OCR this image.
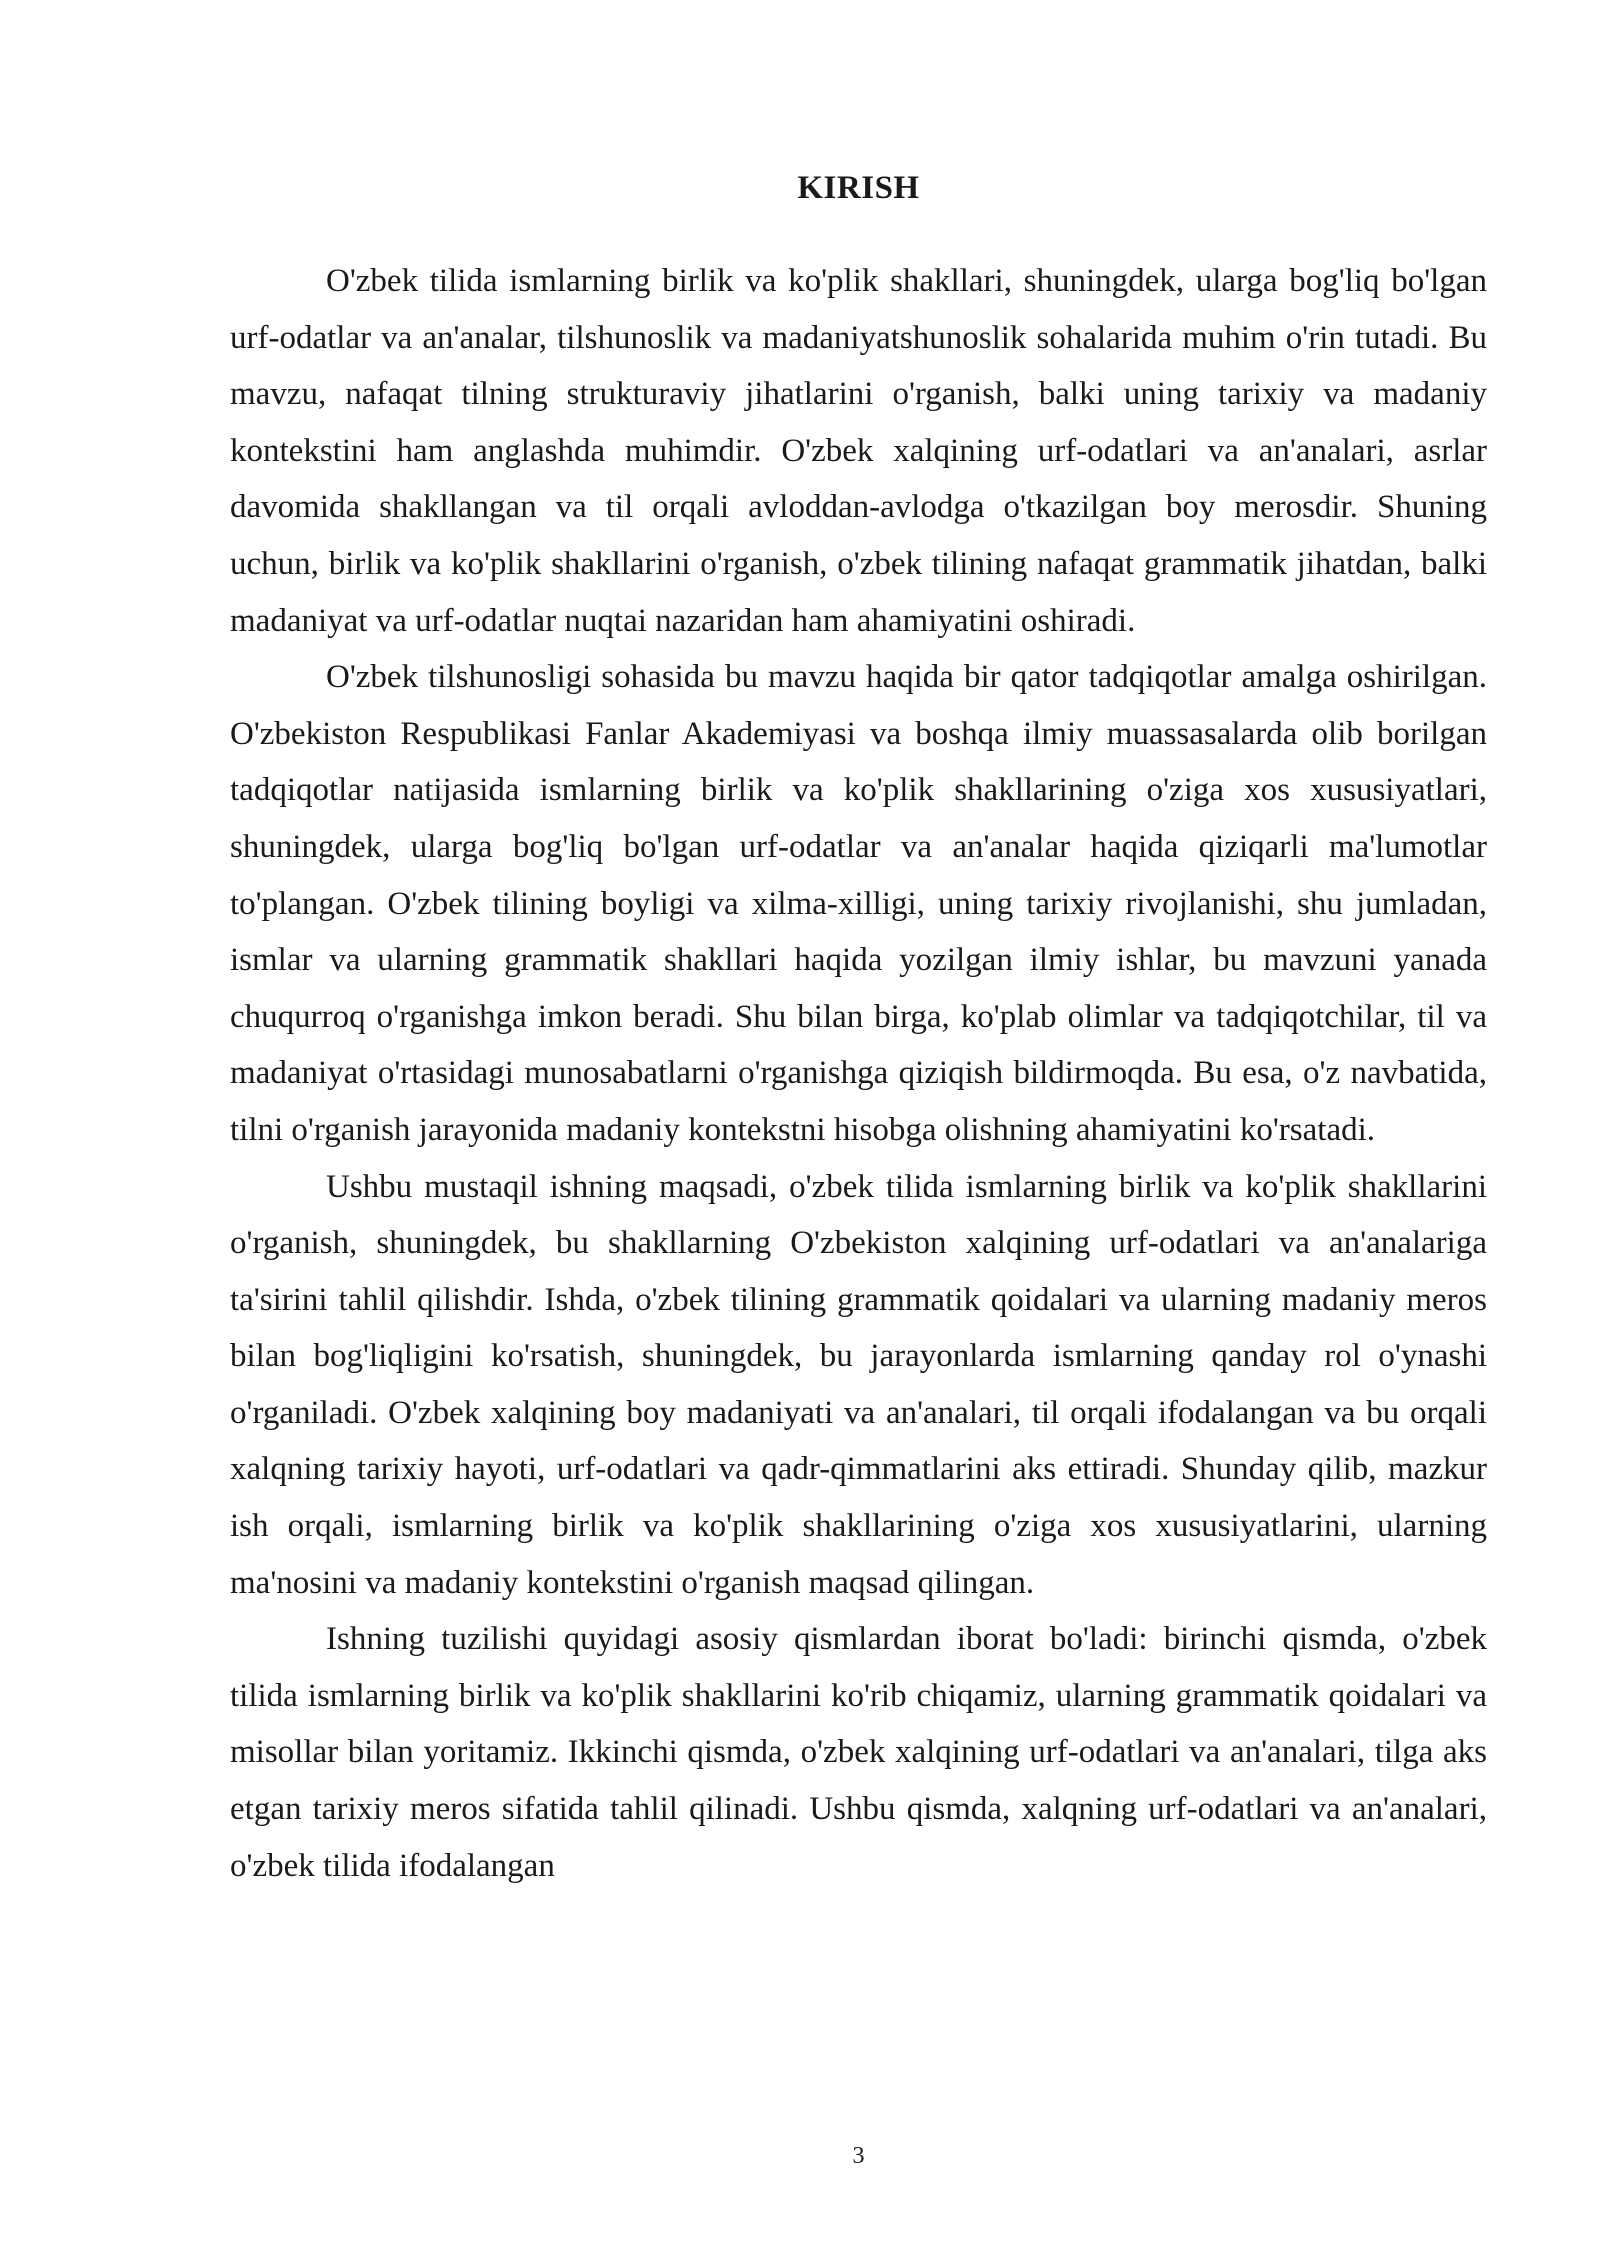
KIRISH

O'zbek tilida ismlarning birlik va ko'plik shakllari, shuningdek, ularga bog'liq bo'lgan urf-odatlar va an'analar, tilshunoslik va madaniyatshunoslik sohalarida muhim o'rin tutadi. Bu mavzu, nafaqat tilning strukturaviy jihatlarini o'rganish, balki uning tarixiy va madaniy kontekstini ham anglashda muhimdir. O'zbek xalqining urf-odatlari va an'analari, asrlar davomida shakllangan va til orqali avloddan-avlodga o'tkazilgan boy merosdir. Shuning uchun, birlik va ko'plik shakllarini o'rganish, o'zbek tilining nafaqat grammatik jihatdan, balki madaniyat va urf-odatlar nuqtai nazaridan ham ahamiyatini oshiradi.

O'zbek tilshunosligi sohasida bu mavzu haqida bir qator tadqiqotlar amalga oshirilgan. O'zbekiston Respublikasi Fanlar Akademiyasi va boshqa ilmiy muassasalarda olib borilgan tadqiqotlar natijasida ismlarning birlik va ko'plik shakllarining o'ziga xos xususiyatlari, shuningdek, ularga bog'liq bo'lgan urf-odatlar va an'analar haqida qiziqarli ma'lumotlar to'plangan. O'zbek tilining boyligi va xilma-xilligi, uning tarixiy rivojlanishi, shu jumladan, ismlar va ularning grammatik shakllari haqida yozilgan ilmiy ishlar, bu mavzuni yanada chuqurroq o'rganishga imkon beradi. Shu bilan birga, ko'plab olimlar va tadqiqotchilar, til va madaniyat o'rtasidagi munosabatlarni o'rganishga qiziqish bildirmoqda. Bu esa, o'z navbatida, tilni o'rganish jarayonida madaniy kontekstni hisobga olishning ahamiyatini ko'rsatadi.

Ushbu mustaqil ishning maqsadi, o'zbek tilida ismlarning birlik va ko'plik shakllarini o'rganish, shuningdek, bu shakllarning O'zbekiston xalqining urf-odatlari va an'analariga ta'sirini tahlil qilishdir. Ishda, o'zbek tilining grammatik qoidalari va ularning madaniy meros bilan bog'liqligini ko'rsatish, shuningdek, bu jarayonlarda ismlarning qanday rol o'ynashi o'rganiladi. O'zbek xalqining boy madaniyati va an'analari, til orqali ifodalangan va bu orqali xalqning tarixiy hayoti, urf-odatlari va qadr-qimmatlarini aks ettiradi. Shunday qilib, mazkur ish orqali, ismlarning birlik va ko'plik shakllarining o'ziga xos xususiyatlarini, ularning ma'nosini va madaniy kontekstini o'rganish maqsad qilingan.

Ishning tuzilishi quyidagi asosiy qismlardan iborat bo'ladi: birinchi qismda, o'zbek tilida ismlarning birlik va ko'plik shakllarini ko'rib chiqamiz, ularning grammatik qoidalari va misollar bilan yoritamiz. Ikkinchi qismda, o'zbek xalqining urf-odatlari va an'analari, tilga aks etgan tarixiy meros sifatida tahlil qilinadi. Ushbu qismda, xalqning urf-odatlari va an'analari, o'zbek tilida ifodalangan

3
